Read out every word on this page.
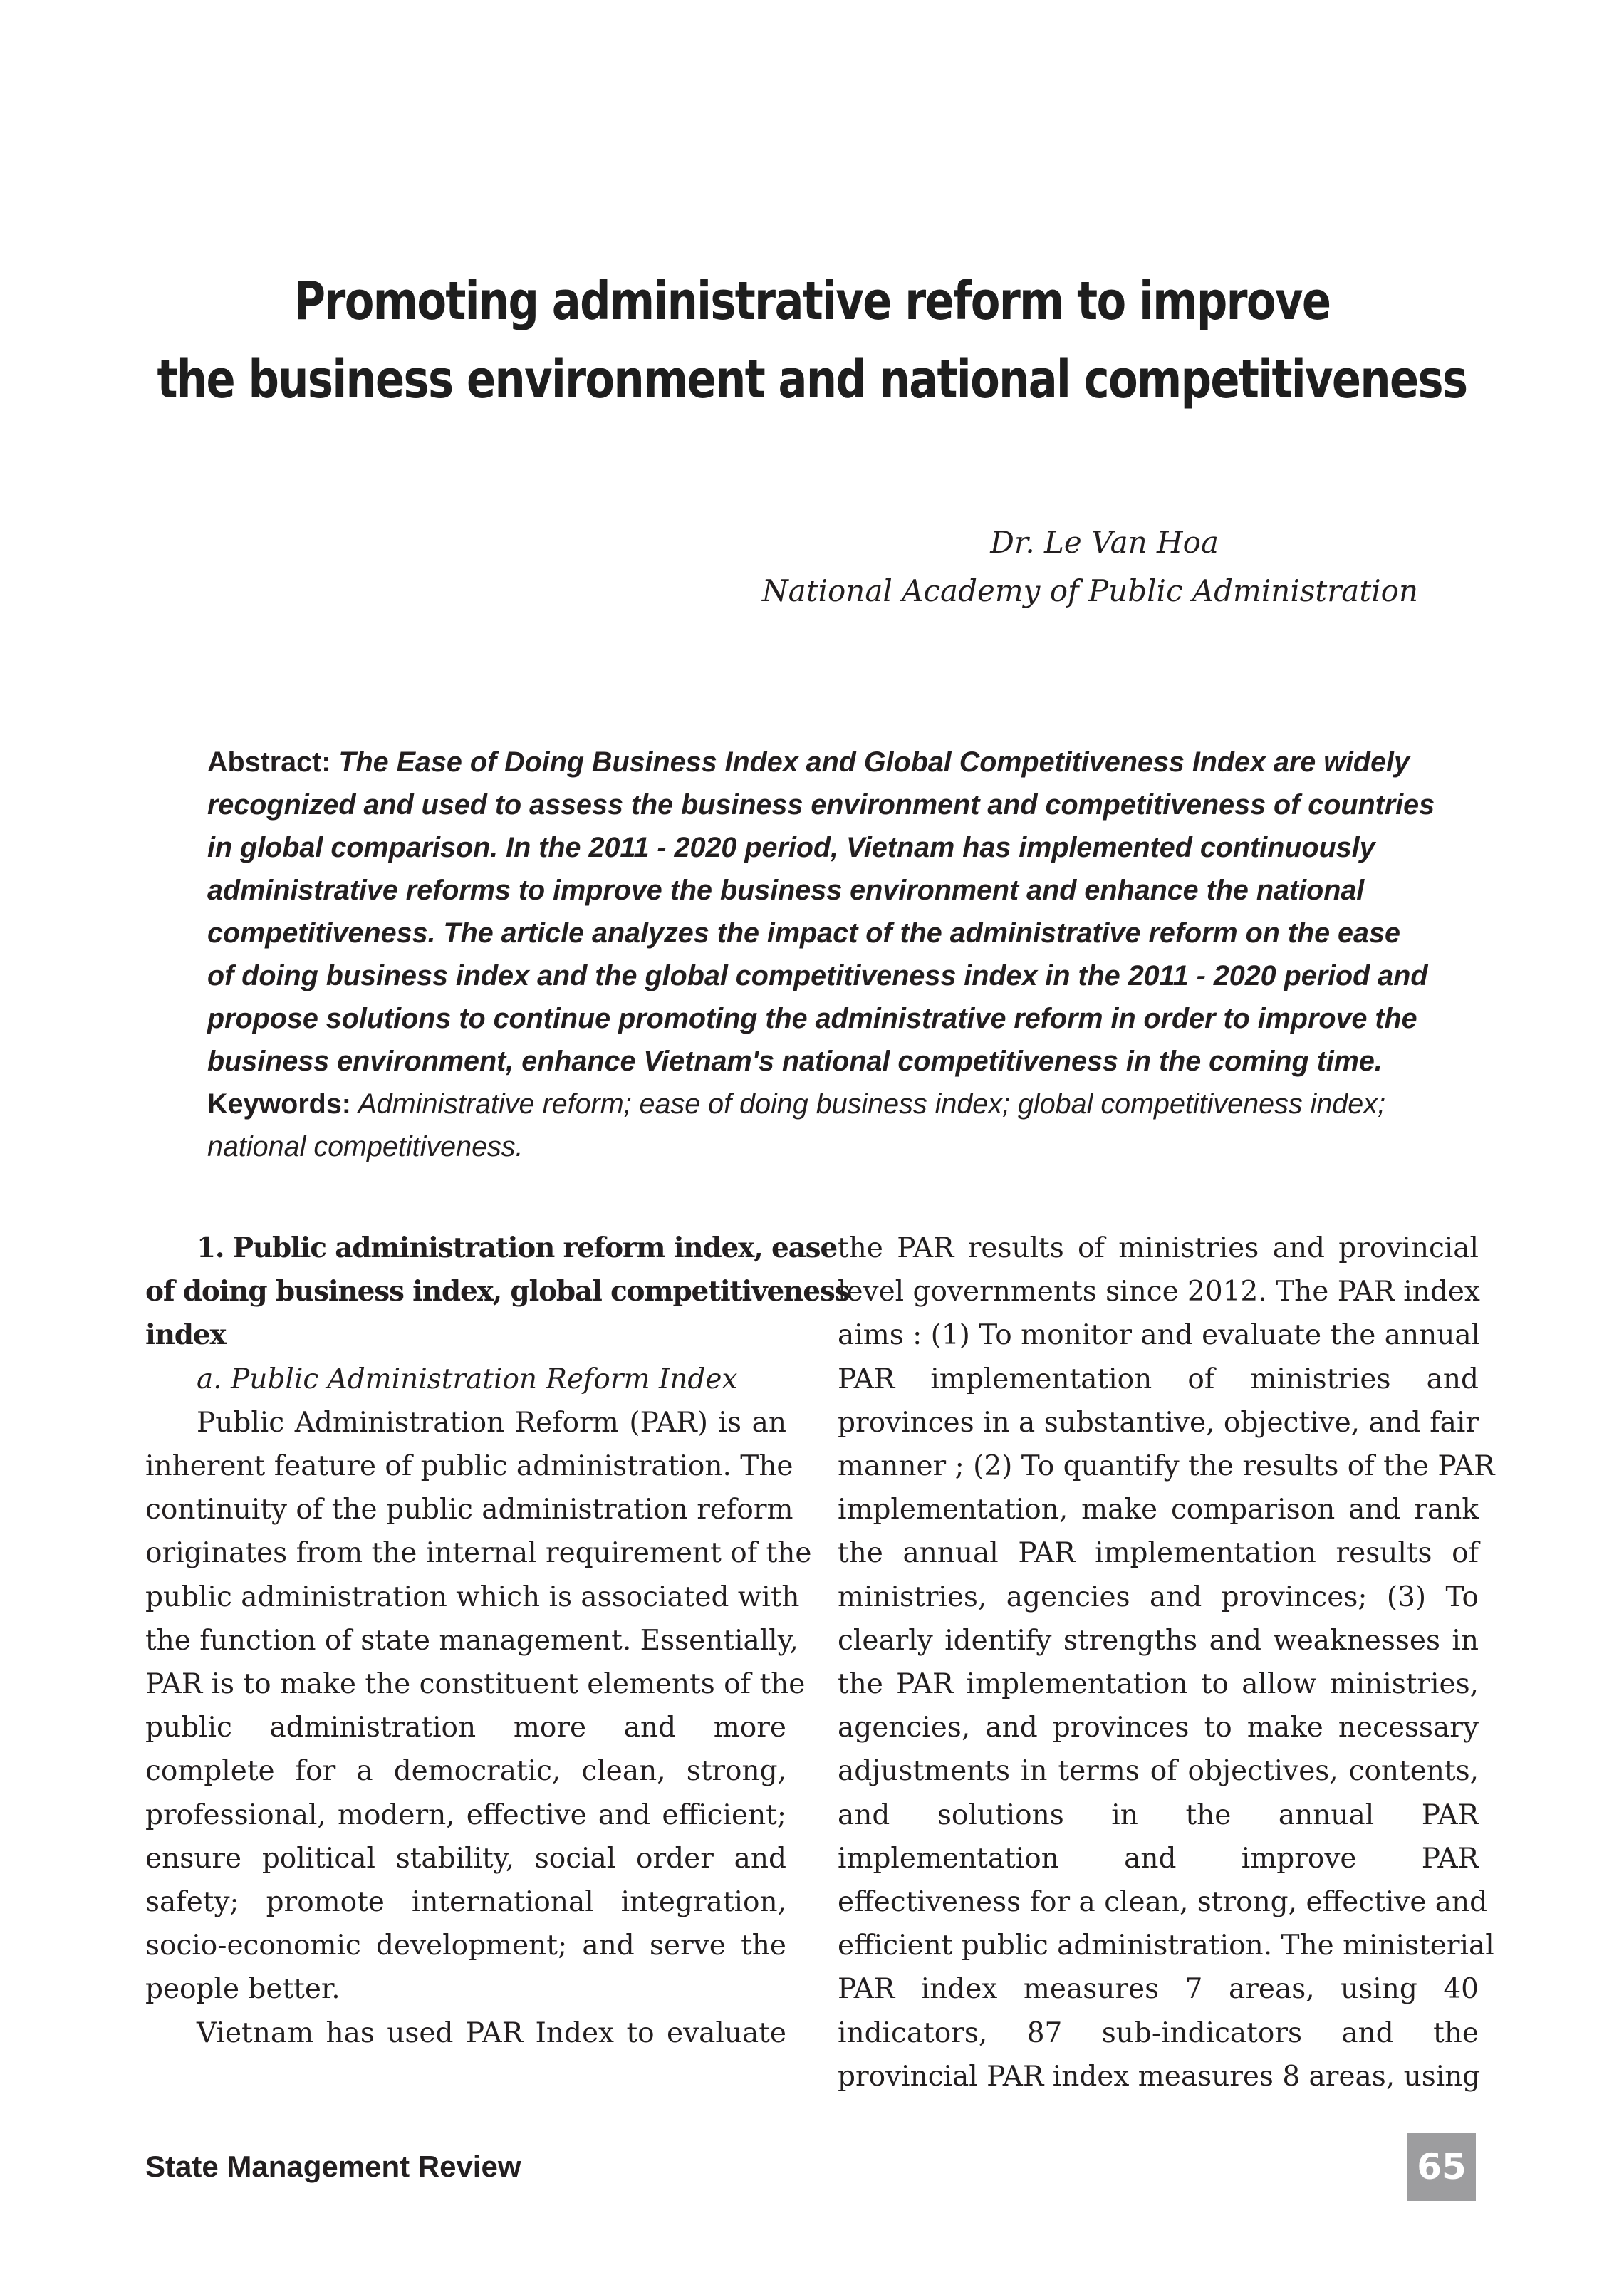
Promoting administrative reform to improve
the business environment and national competitiveness
Dr. Le Van Hoa
National Academy of Public Administration
Abstract: The Ease of Doing Business Index and Global Competitiveness Index are widely
recognized and used to assess the business environment and competitiveness of countries
in global comparison. In the 2011 - 2020 period, Vietnam has implemented continuously
administrative reforms to improve the business environment and enhance the national
competitiveness. The article analyzes the impact of the administrative reform on the ease
of doing business index and the global competitiveness index in the 2011 - 2020 period and
propose solutions to continue promoting the administrative reform in order to improve the
business environment, enhance Vietnam's national competitiveness in the coming time.
Keywords: Administrative reform; ease of doing business index; global competitiveness index;
national competitiveness.
1. Public administration reform index, ease
of doing business index, global competitiveness
index
a. Public Administration Reform Index
Public Administration Reform (PAR) is an
inherent feature of public administration. The
continuity of the public administration reform
originates from the internal requirement of the
public administration which is associated with
the function of state management. Essentially,
PAR is to make the constituent elements of the
public administration more and more
complete for a democratic, clean, strong,
professional, modern, effective and efficient;
ensure political stability, social order and
safety; promote international integration,
socio-economic development; and serve the
people better.
Vietnam has used PAR Index to evaluate
the PAR results of ministries and provincial
level governments since 2012. The PAR index
aims : (1) To monitor and evaluate the annual
PAR implementation of ministries and
provinces in a substantive, objective, and fair
manner ; (2) To quantify the results of the PAR
implementation, make comparison and rank
the annual PAR implementation results of
ministries, agencies and provinces; (3) To
clearly identify strengths and weaknesses in
the PAR implementation to allow ministries,
agencies, and provinces to make necessary
adjustments in terms of objectives, contents,
and solutions in the annual PAR
implementation and improve PAR
effectiveness for a clean, strong, effective and
efficient public administration. The ministerial
PAR index measures 7 areas, using 40
indicators, 87 sub-indicators and the
provincial PAR index measures 8 areas, using
State Management Review	65
